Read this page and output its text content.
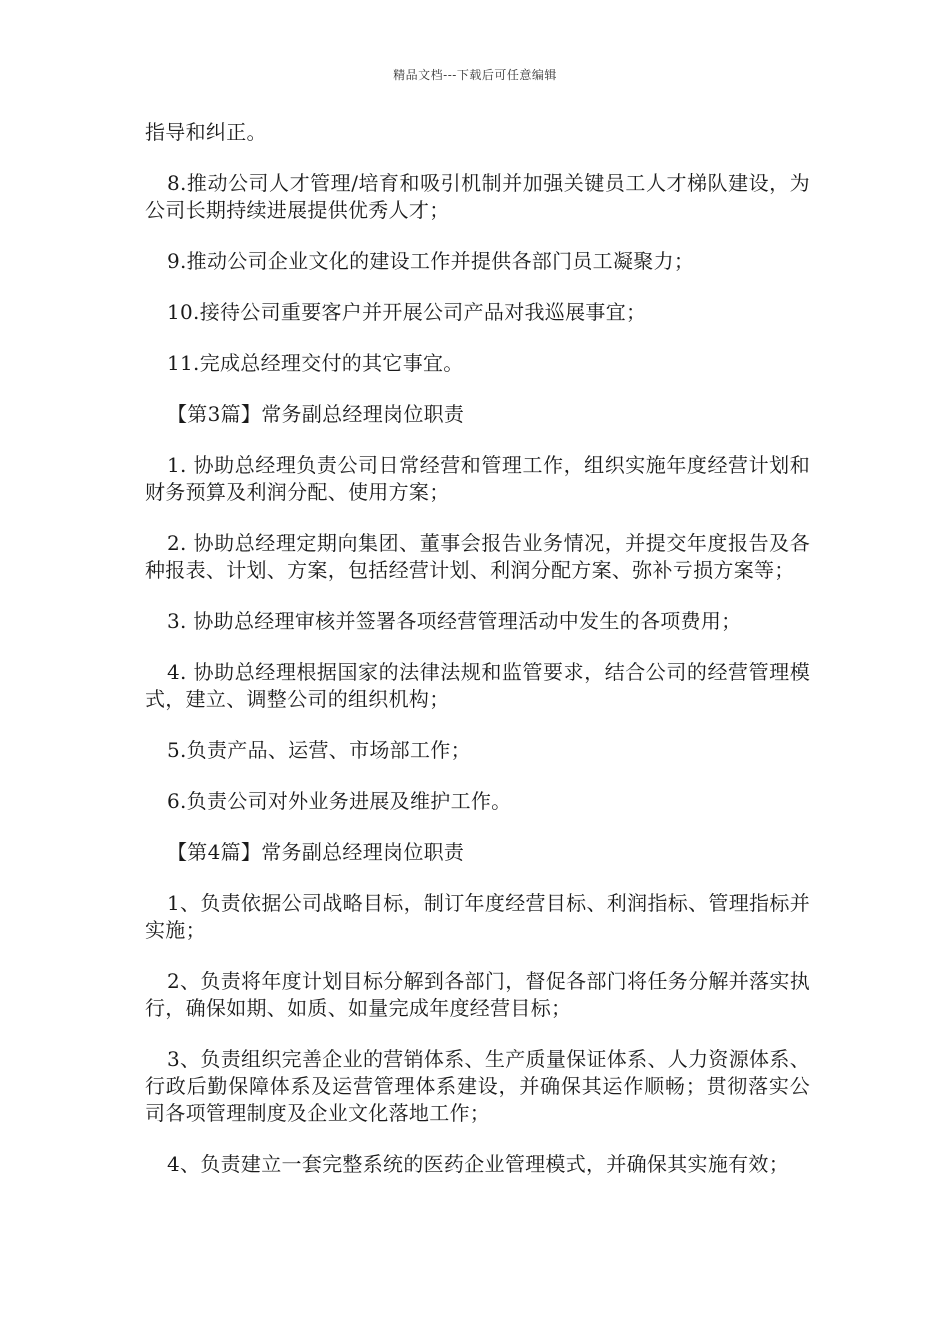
精品文档---下载后可任意编辑

指导和纠正。

8.推动公司人才管理/培育和吸引机制并加强关键员工人才梯队建设，为公司长期持续进展提供优秀人才；

9.推动公司企业文化的建设工作并提供各部门员工凝聚力；

10.接待公司重要客户并开展公司产品对我巡展事宜；

11.完成总经理交付的其它事宜。

【第3篇】常务副总经理岗位职责

1. 协助总经理负责公司日常经营和管理工作，组织实施年度经营计划和财务预算及利润分配、使用方案；

2. 协助总经理定期向集团、董事会报告业务情况，并提交年度报告及各种报表、计划、方案，包括经营计划、利润分配方案、弥补亏损方案等；

3. 协助总经理审核并签署各项经营管理活动中发生的各项费用；

4. 协助总经理根据国家的法律法规和监管要求，结合公司的经营管理模式，建立、调整公司的组织机构；

5.负责产品、运营、市场部工作；

6.负责公司对外业务进展及维护工作。

【第4篇】常务副总经理岗位职责

1、负责依据公司战略目标，制订年度经营目标、利润指标、管理指标并实施；

2、负责将年度计划目标分解到各部门，督促各部门将任务分解并落实执行，确保如期、如质、如量完成年度经营目标；

3、负责组织完善企业的营销体系、生产质量保证体系、人力资源体系、行政后勤保障体系及运营管理体系建设，并确保其运作顺畅；贯彻落实公司各项管理制度及企业文化落地工作；

4、负责建立一套完整系统的医药企业管理模式，并确保其实施有效；
